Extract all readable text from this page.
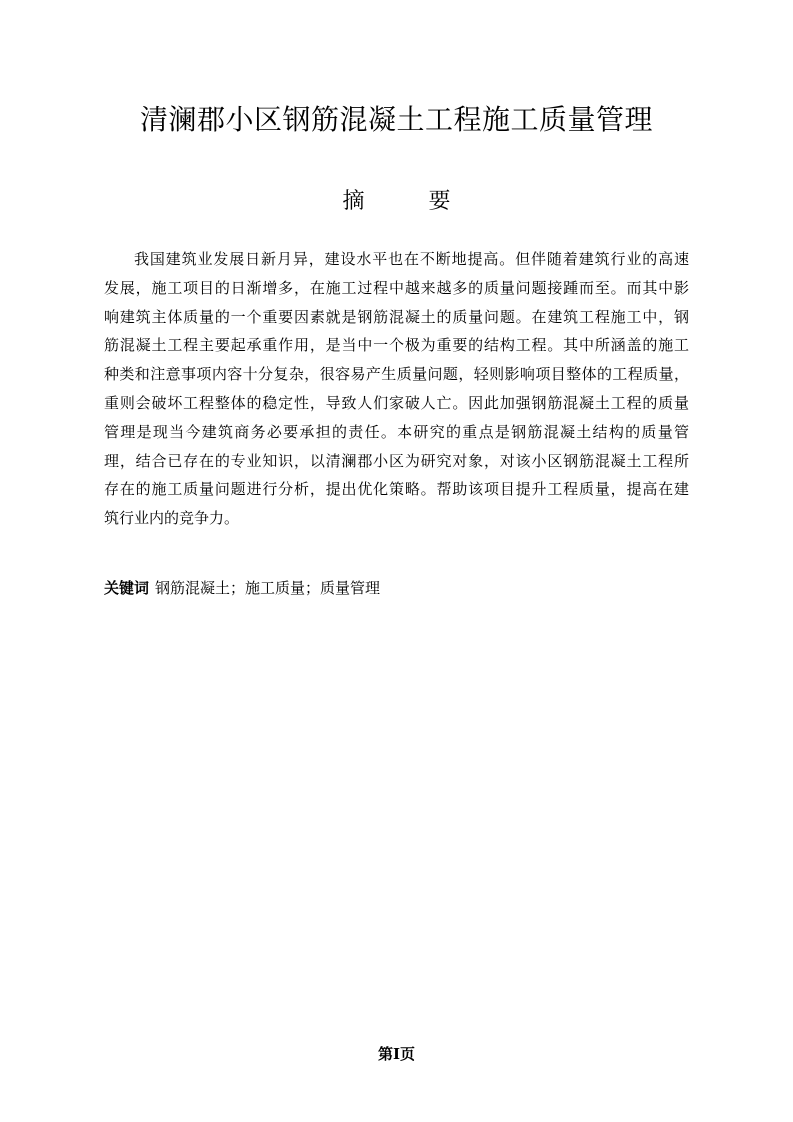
清澜郡小区钢筋混凝土工程施工质量管理
摘	要
我国建筑业发展日新月异，建设水平也在不断地提高。但伴随着建筑行业的高速
发展，施工项目的日渐增多，在施工过程中越来越多的质量问题接踵而至。而其中影
响建筑主体质量的一个重要因素就是钢筋混凝土的质量问题。在建筑工程施工中，钢
筋混凝土工程主要起承重作用，是当中一个极为重要的结构工程。其中所涵盖的施工
种类和注意事项内容十分复杂，很容易产生质量问题，轻则影响项目整体的工程质量，
重则会破坏工程整体的稳定性，导致人们家破人亡。因此加强钢筋混凝土工程的质量
管理是现当今建筑商务必要承担的责任。本研究的重点是钢筋混凝土结构的质量管
理，结合已存在的专业知识，以清澜郡小区为研究对象，对该小区钢筋混凝土工程所
存在的施工质量问题进行分析，提出优化策略。帮助该项目提升工程质量，提高在建
筑行业内的竞争力。
关键词 钢筋混凝土；施工质量；质量管理
第I页
